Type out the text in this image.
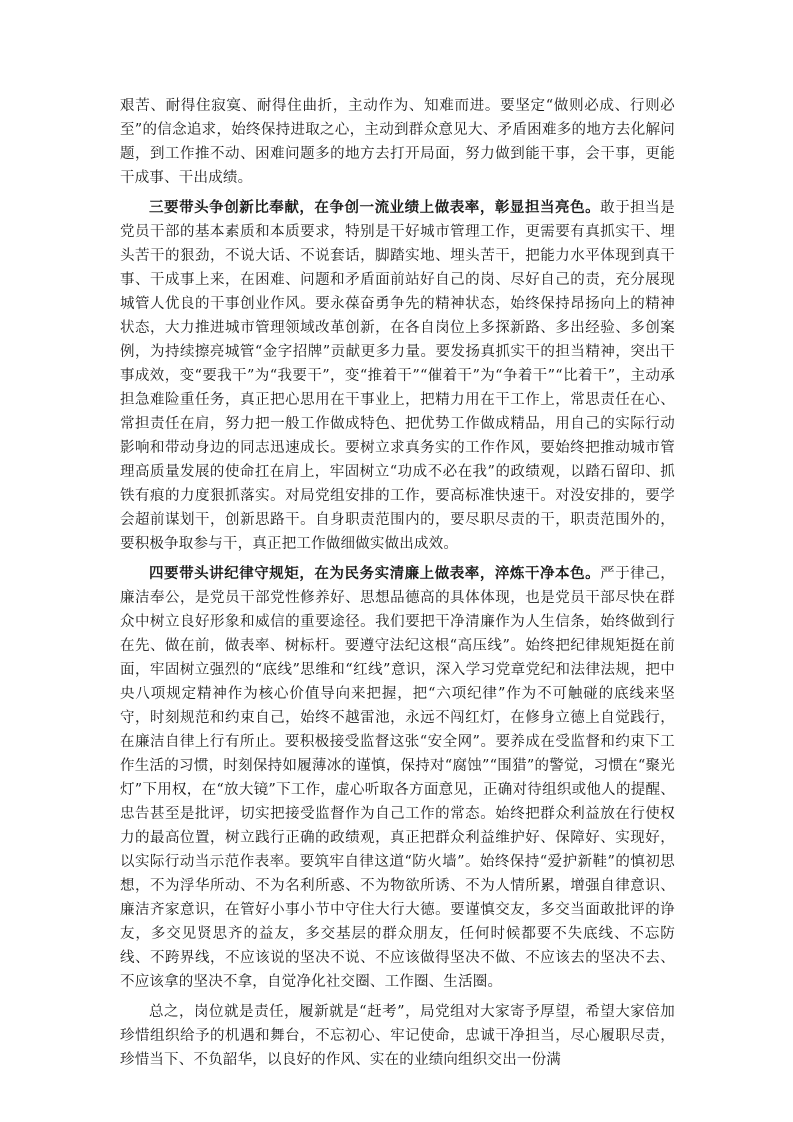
艰苦、耐得住寂寞、耐得住曲折，主动作为、知难而进。要坚定“做则必成、行则必至”的信念追求，始终保持进取之心，主动到群众意见大、矛盾困难多的地方去化解问题，到工作推不动、困难问题多的地方去打开局面，努力做到能干事，会干事，更能干成事、干出成绩。

三要带头争创新比奉献，在争创一流业绩上做表率，彰显担当亮色。敢于担当是党员干部的基本素质和本质要求，特别是干好城市管理工作，更需要有真抓实干、埋头苦干的狠劲，不说大话、不说套话，脚踏实地、埋头苦干，把能力水平体现到真干事、干成事上来，在困难、问题和矛盾面前站好自己的岗、尽好自己的责，充分展现城管人优良的干事创业作风。要永葆奋勇争先的精神状态，始终保持昂扬向上的精神状态，大力推进城市管理领域改革创新，在各自岗位上多探新路、多出经验、多创案例，为持续擦亮城管“金字招牌”贡献更多力量。要发扬真抓实干的担当精神，突出干事成效，变“要我干”为“我要干”，变“推着干”“催着干”为“争着干”“比着干”，主动承担急难险重任务，真正把心思用在干事业上，把精力用在干工作上，常思责任在心、常担责任在肩，努力把一般工作做成特色、把优势工作做成精品，用自己的实际行动影响和带动身边的同志迅速成长。要树立求真务实的工作作风，要始终把推动城市管理高质量发展的使命扛在肩上，牢固树立“功成不必在我”的政绩观，以踏石留印、抓铁有痕的力度狠抓落实。对局党组安排的工作，要高标准快速干。对没安排的，要学会超前谋划干，创新思路干。自身职责范围内的，要尽职尽责的干，职责范围外的，要积极争取参与干，真正把工作做细做实做出成效。

四要带头讲纪律守规矩，在为民务实清廉上做表率，淬炼干净本色。严于律己，廉洁奉公，是党员干部党性修养好、思想品德高的具体体现，也是党员干部尽快在群众中树立良好形象和威信的重要途径。我们要把干净清廉作为人生信条，始终做到行在先、做在前，做表率、树标杆。要遵守法纪这根“高压线”。始终把纪律规矩挺在前面，牢固树立强烈的“底线”思维和“红线”意识，深入学习党章党纪和法律法规，把中央八项规定精神作为核心价值导向来把握，把“六项纪律”作为不可触碰的底线来坚守，时刻规范和约束自己，始终不越雷池，永远不闯红灯，在修身立德上自觉践行，在廉洁自律上行有所止。要积极接受监督这张“安全网”。要养成在受监督和约束下工作生活的习惯，时刻保持如履薄冰的谨慎，保持对“腐蚀”“围猎”的警觉，习惯在“聚光灯”下用权，在“放大镜”下工作，虚心听取各方面意见，正确对待组织或他人的提醒、忠告甚至是批评，切实把接受监督作为自己工作的常态。始终把群众利益放在行使权力的最高位置，树立践行正确的政绩观，真正把群众利益维护好、保障好、实现好，以实际行动当示范作表率。要筑牢自律这道“防火墙”。始终保持“爱护新鞋”的慎初思想，不为浮华所动、不为名利所惑、不为物欲所诱、不为人情所累，增强自律意识、廉洁齐家意识，在管好小事小节中守住大行大德。要谨慎交友，多交当面敢批评的诤友，多交见贤思齐的益友，多交基层的群众朋友，任何时候都要不失底线、不忘防线、不跨界线，不应该说的坚决不说、不应该做得坚决不做、不应该去的坚决不去、不应该拿的坚决不拿，自觉净化社交圈、工作圈、生活圈。

总之，岗位就是责任，履新就是“赶考”，局党组对大家寄予厚望，希望大家倍加珍惜组织给予的机遇和舞台，不忘初心、牢记使命，忠诚干净担当，尽心履职尽责，珍惜当下、不负韶华，以良好的作风、实在的业绩向组织交出一份满
